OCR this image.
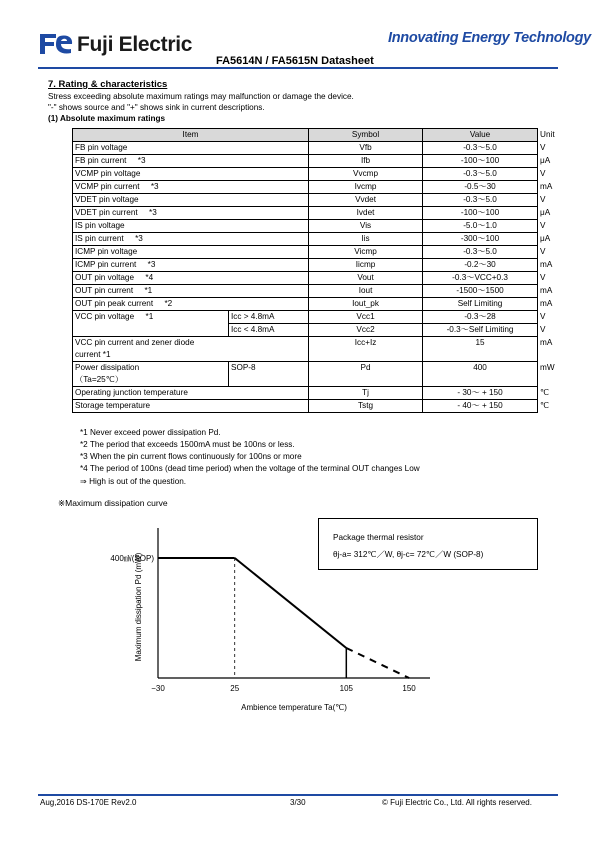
Fuji Electric	Innovating Energy Technology
FA5614N / FA5615N Datasheet
7. Rating & characteristics
Stress exceeding absolute maximum ratings may malfunction or damage the device.
"-" shows source and "+" shows sink in current descriptions.
(1) Absolute maximum ratings
Item		Symbol	Value	Unit
FB pin voltage		Vfb	-0.3～5.0	V
FB pin current     *3		Ifb	-100～100	μA
VCMP pin voltage		Vvcmp	-0.3～5.0	V
VCMP pin current     *3		Ivcmp	-0.5～30	mA
VDET pin voltage		Vvdet	-0.3～5.0	V
VDET pin current     *3		Ivdet	-100～100	μA
IS pin voltage		Vis	-5.0～1.0	V
IS pin current     *3		Iis	-300～100	μA
ICMP pin voltage		Vicmp	-0.3～5.0	V
ICMP pin current     *3		Iicmp	-0.2～30	mA
OUT pin voltage     *4		Vout	-0.3～VCC+0.3	V
OUT pin current     *1		Iout	-1500～1500	mA
OUT pin peak current     *2		Iout_pk	Self Limiting	mA
VCC pin voltage     *1	Icc > 4.8mA	Vcc1	-0.3～28	V
	Icc < 4.8mA	Vcc2	-0.3～Self Limiting	V

VCC pin current and zener diode
current *1		Icc+Iz	15	mA

Power dissipation
（Ta=25℃）	SOP-8	Pd	400	mW
Operating junction temperature		Tj	- 30～ + 150	℃
Storage temperature		Tstg	- 40～ + 150	℃
*1 Never exceed power dissipation Pd.
*2 The period that exceeds 1500mA must be 100ns or less.
*3 When the pin current flows continuously for 100ns or more
*4 The period of 100ns (dead time period) when the voltage of the terminal OUT changes Low
⇒ High is out of the question.
※Maximum dissipation curve
400㎽(SOP)
−30	25	105	150
Ambience temperature Ta(℃)
Maximum dissipation Pd (mW)
Package thermal resistor
θj-a= 312℃／W, θj-c= 72℃／W (SOP-8)
Aug,2016 DS-170E Rev2.0	3/30	© Fuji Electric Co., Ltd. All rights reserved.
